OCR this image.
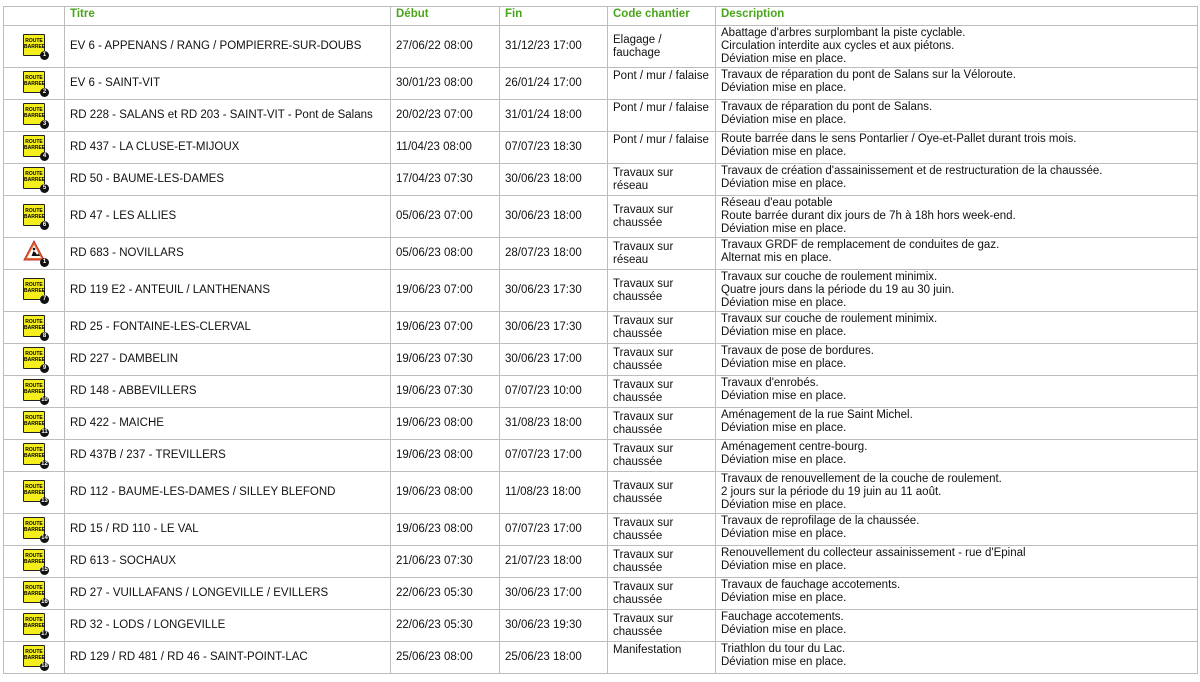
	Titre	Début	Fin	Code chantier	Description

ROUTE
BARREE
1	EV 6 - APPENANS / RANG / POMPIERRE-SUR-DOUBS	27/06/22 08:00	31/12/23 17:00	Elagage /
fauchage	Abattage d'arbres surplombant la piste cyclable.
Circulation interdite aux cycles et aux piétons.
Déviation mise en place.

ROUTE
BARREE
2	EV 6 - SAINT-VIT	30/01/23 08:00	26/01/24 17:00	Pont / mur / falaise	Travaux de réparation du pont de Salans sur la Véloroute.
Déviation mise en place.

ROUTE
BARREE
3	RD 228 - SALANS et RD 203 - SAINT-VIT - Pont de Salans	20/02/23 07:00	31/01/24 18:00	Pont / mur / falaise	Travaux de réparation du pont de Salans.
Déviation mise en place.

ROUTE
BARREE
4	RD 437 - LA CLUSE-ET-MIJOUX	11/04/23 08:00	07/07/23 18:30	Pont / mur / falaise	Route barrée dans le sens Pontarlier / Oye-et-Pallet durant trois mois.
Déviation mise en place.

ROUTE
BARREE
5	RD 50 - BAUME-LES-DAMES	17/04/23 07:30	30/06/23 18:00	Travaux sur
réseau	Travaux de création d'assainissement et de restructuration de la chaussée.
Déviation mise en place.

ROUTE
BARREE
6	RD 47 - LES ALLIES	05/06/23 07:00	30/06/23 18:00	Travaux sur
chaussée	Réseau d'eau potable
Route barrée durant dix jours de 7h à 18h hors week-end.
Déviation mise en place.

1	RD 683 - NOVILLARS	05/06/23 08:00	28/07/23 18:00	Travaux sur
réseau	Travaux GRDF de remplacement de conduites de gaz.
Alternat mis en place.

ROUTE
BARREE
7	RD 119 E2 - ANTEUIL / LANTHENANS	19/06/23 07:00	30/06/23 17:30	Travaux sur
chaussée	Travaux sur couche de roulement minimix.
Quatre jours dans la période du 19 au 30 juin.
Déviation mise en place.

ROUTE
BARREE
8	RD 25 - FONTAINE-LES-CLERVAL	19/06/23 07:00	30/06/23 17:30	Travaux sur
chaussée	Travaux sur couche de roulement minimix.
Déviation mise en place.

ROUTE
BARREE
9	RD 227 - DAMBELIN	19/06/23 07:30	30/06/23 17:00	Travaux sur
chaussée	Travaux de pose de bordures.
Déviation mise en place.

ROUTE
BARREE
10	RD 148 - ABBEVILLERS	19/06/23 07:30	07/07/23 10:00	Travaux sur
chaussée	Travaux d'enrobés.
Déviation mise en place.

ROUTE
BARREE
11	RD 422 - MAICHE	19/06/23 08:00	31/08/23 18:00	Travaux sur
chaussée	Aménagement de la rue Saint Michel.
Déviation mise en place.

ROUTE
BARREE
12	RD 437B / 237 - TREVILLERS	19/06/23 08:00	07/07/23 17:00	Travaux sur
chaussée	Aménagement centre-bourg.
Déviation mise en place.

ROUTE
BARREE
13	RD 112 - BAUME-LES-DAMES / SILLEY BLEFOND	19/06/23 08:00	11/08/23 18:00	Travaux sur
chaussée	Travaux de renouvellement de la couche de roulement.
2 jours sur la période du 19 juin au 11 août.
Déviation mise en place.

ROUTE
BARREE
14	RD 15 / RD 110 - LE VAL	19/06/23 08:00	07/07/23 17:00	Travaux sur
chaussée	Travaux de reprofilage de la chaussée.
Déviation mise en place.

ROUTE
BARREE
15	RD 613 - SOCHAUX	21/06/23 07:30	21/07/23 18:00	Travaux sur
chaussée	Renouvellement du collecteur assainissement - rue d'Epinal
Déviation mise en place.

ROUTE
BARREE
16	RD 27 - VUILLAFANS / LONGEVILLE / EVILLERS	22/06/23 05:30	30/06/23 17:00	Travaux sur
chaussée	Travaux de fauchage accotements.
Déviation mise en place.

ROUTE
BARREE
17	RD 32 - LODS / LONGEVILLE	22/06/23 05:30	30/06/23 19:30	Travaux sur
chaussée	Fauchage accotements.
Déviation mise en place.

ROUTE
BARREE
18	RD 129 / RD 481 / RD 46 - SAINT-POINT-LAC	25/06/23 08:00	25/06/23 18:00	Manifestation	Triathlon du tour du Lac.
Déviation mise en place.
